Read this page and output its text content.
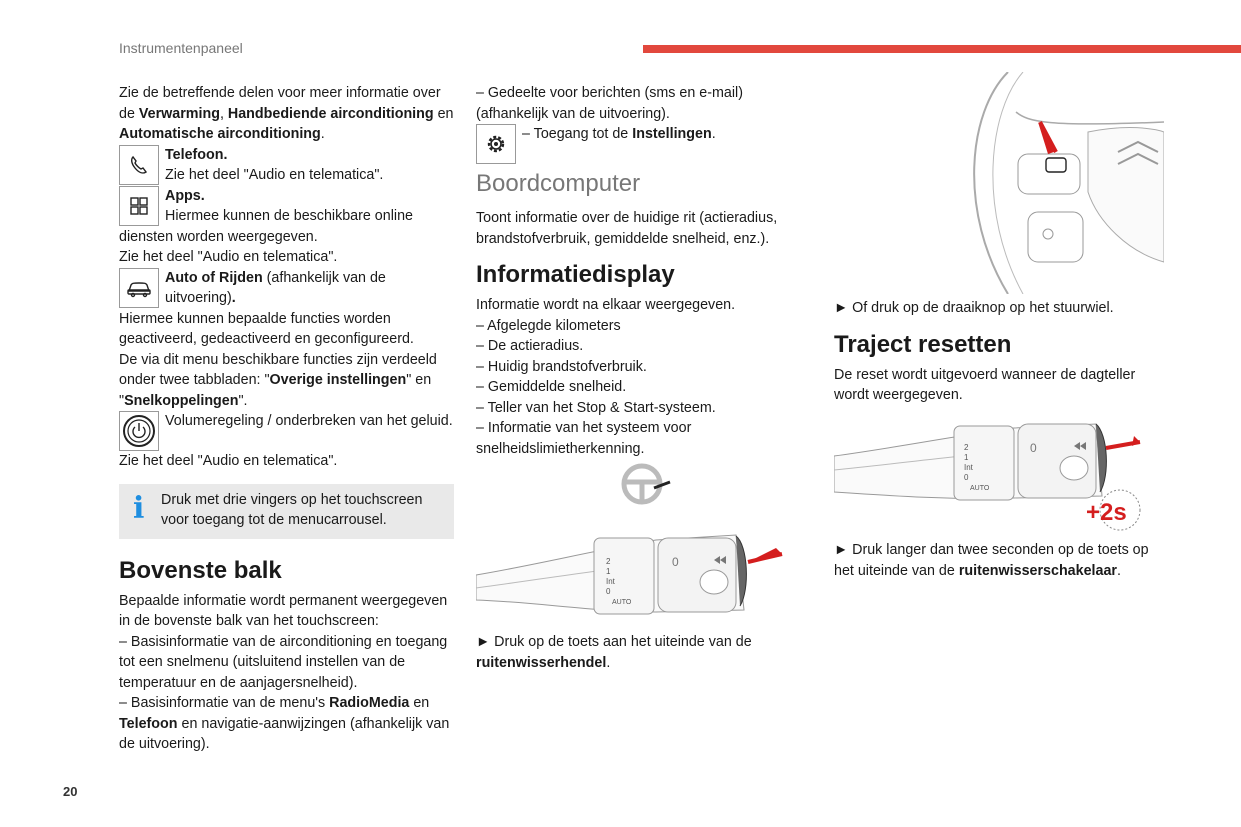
Instrumentenpaneel

Zie de betreffende delen voor meer informatie over de Verwarming, Handbediende airconditioning en Automatische airconditioning.

Telefoon.

Zie het deel "Audio en telematica".

Apps.

Hiermee kunnen de beschikbare online

diensten worden weergegeven.

Zie het deel "Audio en telematica".

Auto of Rijden (afhankelijk van de uitvoering).

Hiermee kunnen bepaalde functies worden geactiveerd, gedeactiveerd en geconfigureerd.

De via dit menu beschikbare functies zijn verdeeld onder twee tabbladen: "Overige instellingen" en "Snelkoppelingen".

Volumeregeling / onderbreken van het geluid.

Zie het deel "Audio en telematica".

i Druk met drie vingers op het touchscreen voor toegang tot de menucarrousel.

Bovenste balk

Bepaalde informatie wordt permanent weergegeven in de bovenste balk van het touchscreen:

– Basisinformatie van de airconditioning en toegang tot een snelmenu (uitsluitend instellen van de temperatuur en de aanjagersnelheid).

– Basisinformatie van de menu's RadioMedia en Telefoon en navigatie-aanwijzingen (afhankelijk van de uitvoering).

– Gedeelte voor berichten (sms en e-mail) (afhankelijk van de uitvoering).

– Toegang tot de Instellingen.

Boordcomputer

Toont informatie over de huidige rit (actieradius, brandstofverbruik, gemiddelde snelheid, enz.).

Informatiedisplay

Informatie wordt na elkaar weergegeven.

– Afgelegde kilometers

– De actieradius.

– Huidig brandstofverbruik.

– Gemiddelde snelheid.

– Teller van het Stop & Start-systeem.

– Informatie van het systeem voor snelheidslimietherkenning.

2
1
Int
0
AUTO
0

► Druk op de toets aan het uiteinde van de ruitenwisserhendel.

► Of druk op de draaiknop op het stuurwiel.

Traject resetten

De reset wordt uitgevoerd wanneer de dagteller wordt weergegeven.

2
1
Int
0
AUTO
0
+2s

► Druk langer dan twee seconden op de toets op het uiteinde van de ruitenwisserschakelaar.

20
